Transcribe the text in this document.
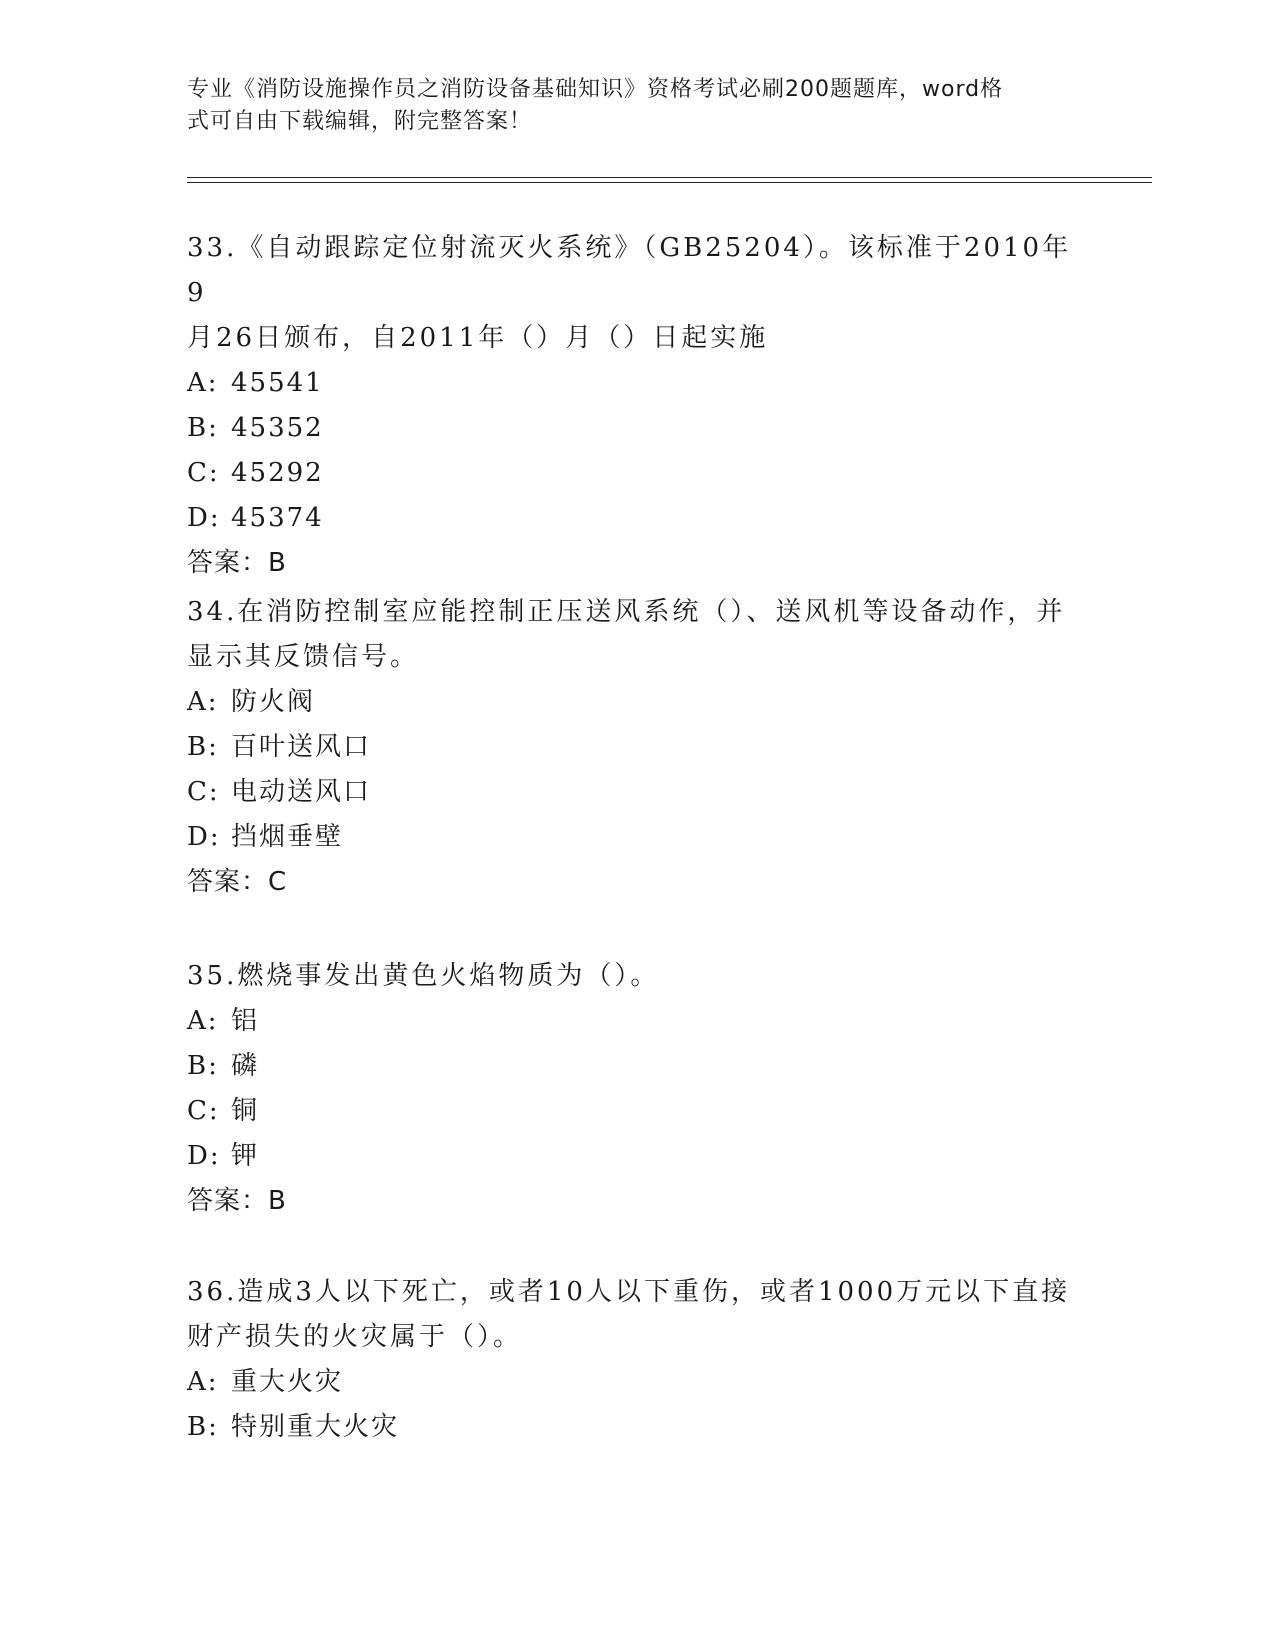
专业《消防设施操作员之消防设备基础知识》资格考试必刷200题题库，word格
式可自由下载编辑，附完整答案！

33.《自动跟踪定位射流灭火系统》（GB25204）。该标准于2010年9

月26日颁布，自2011年（）月（）日起实施

A: 45541

B: 45352

C: 45292

D: 45374

答案：B

34.在消防控制室应能控制正压送风系统（）、送风机等设备动作，并

显示其反馈信号。

A: 防火阀

B: 百叶送风口

C: 电动送风口

D: 挡烟垂壁

答案：C

35.燃烧事发出黄色火焰物质为（）。

A: 铝

B: 磷

C: 铜

D: 钾

答案：B

36.造成3人以下死亡，或者10人以下重伤，或者1000万元以下直接

财产损失的火灾属于（）。

A: 重大火灾

B: 特别重大火灾
